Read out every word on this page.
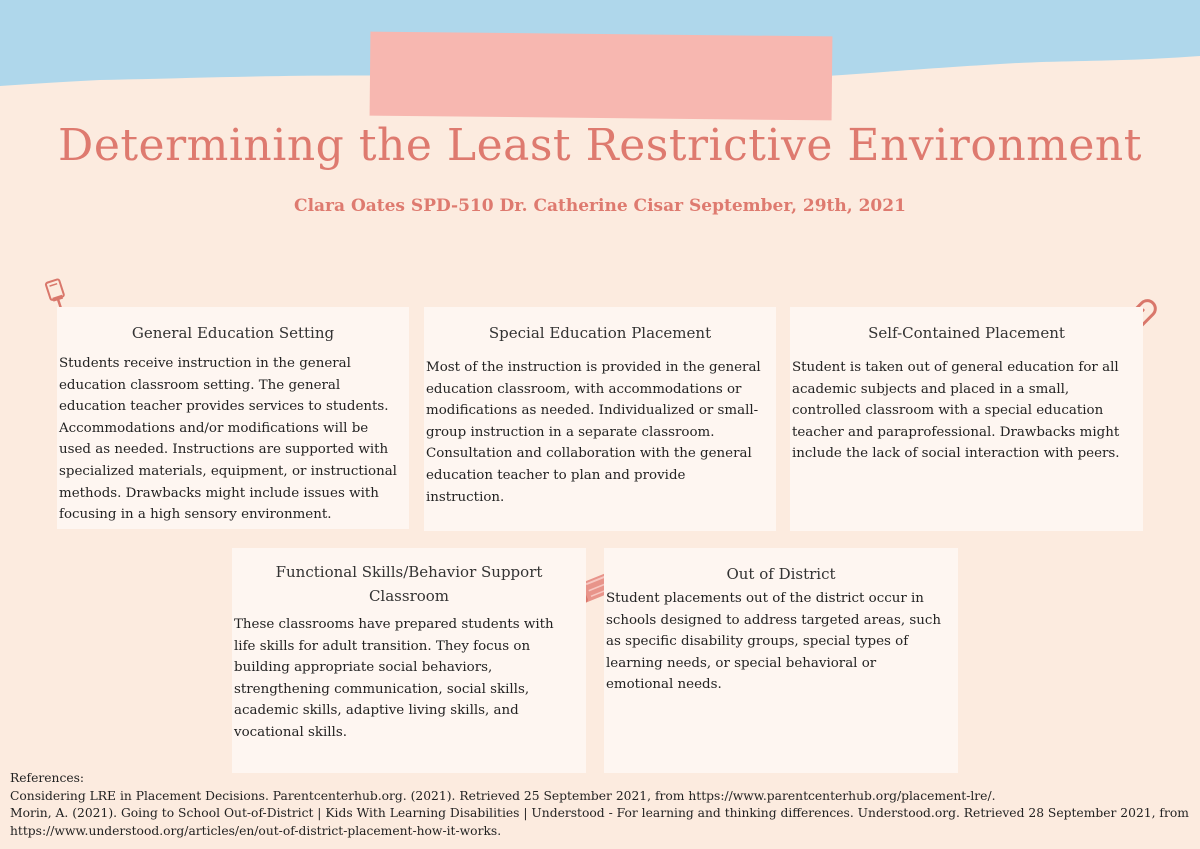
Determining the Least Restrictive Environment
Clara Oates SPD-510 Dr. Catherine Cisar September, 29th, 2021
General Education Setting
Students receive instruction in the general
education classroom setting. The general
education teacher provides services to students.
Accommodations and/or modifications will be
used as needed. Instructions are supported with
specialized materials, equipment, or instructional
methods. Drawbacks might include issues with
focusing in a high sensory environment.
Special Education Placement
Most of the instruction is provided in the general
education classroom, with accommodations or
modifications as needed. Individualized or small-
group instruction in a separate classroom.
Consultation and collaboration with the general
education teacher to plan and provide
instruction.
Self-Contained Placement
Student is taken out of general education for all
academic subjects and placed in a small,
controlled classroom with a special education
teacher and paraprofessional. Drawbacks might
include the lack of social interaction with peers.
Functional Skills/Behavior Support
Classroom
These classrooms have prepared students with
life skills for adult transition. They focus on
building appropriate social behaviors,
strengthening communication, social skills,
academic skills, adaptive living skills, and
vocational skills.
Out of District
Student placements out of the district occur in
schools designed to address targeted areas, such
as specific disability groups, special types of
learning needs, or special behavioral or
emotional needs.
References:
Considering LRE in Placement Decisions. Parentcenterhub.org. (2021). Retrieved 25 September 2021, from https://www.parentcenterhub.org/placement-lre/.
Morin, A. (2021). Going to School Out-of-District | Kids With Learning Disabilities | Understood - For learning and thinking differences. Understood.org. Retrieved 28 September 2021, from
https://www.understood.org/articles/en/out-of-district-placement-how-it-works.
